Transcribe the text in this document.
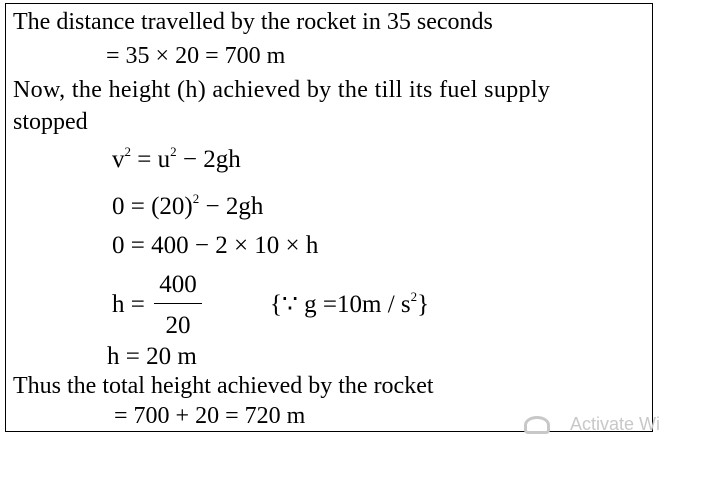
The distance travelled by the rocket in 35 seconds
= 35 × 20 = 700 m
Now, the height (h) achieved by the till its fuel supply
stopped
$v^2 = u^2 - 2gh$
$0 = (20)^2 - 2gh$
0 = 400 − 2 × 10 × h
h =
400
20
{∵ $g =10m / s^2$}
h = 20 m
Thus the total height achieved by the rocket
= 700 + 20 = 720 m	Activate Wi
